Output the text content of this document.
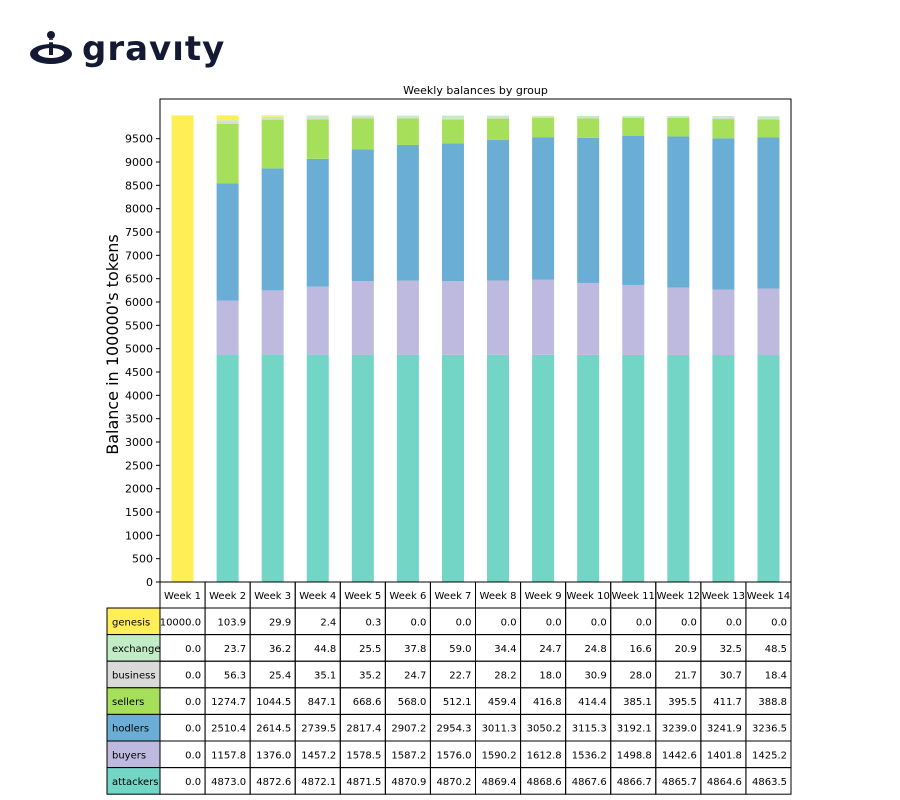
gravıty
Weekly balances by group
Balance in 100000's tokens
0
500
1000
1500
2000
2500
3000
3500
4000
4500
5000
5500
6000
6500
7000
7500
8000
8500
9000
9500
Week 1 Week 2 Week 3 Week 4 Week 5 Week 6 Week 7 Week 8 Week 9 Week 10 Week 11 Week 12 Week 13 Week 14
genesis 10000.0 103.9 29.9	2.4	0.3	0.0	0.0	0.0	0.0	0.0	0.0	0.0	0.0	0.0
exchange 0.0 23.7 36.2 44.8 25.5 37.8 59.0 34.4 24.7 24.8 16.6 20.9 32.5 48.5
business	0.0 56.3 25.4 35.1 35.2 24.7 22.7 28.2 18.0 30.9 28.0 21.7 30.7 18.4
sellers	0.0 1274.7 1044.5 847.1 668.6 568.0 512.1 459.4 416.8 414.4 385.1 395.5 411.7 388.8
hodlers	0.0 2510.4 2614.5 2739.5 2817.4 2907.2 2954.3 3011.3 3050.2 3115.3 3192.1 3239.0 3241.9 3236.5
buyers	0.0 1157.8 1376.0 1457.2 1578.5 1587.2 1576.0 1590.2 1612.8 1536.2 1498.8 1442.6 1401.8 1425.2
attackers	0.0 4873.0 4872.6 4872.1 4871.5 4870.9 4870.2 4869.4 4868.6 4867.6 4866.7 4865.7 4864.6 4863.5
